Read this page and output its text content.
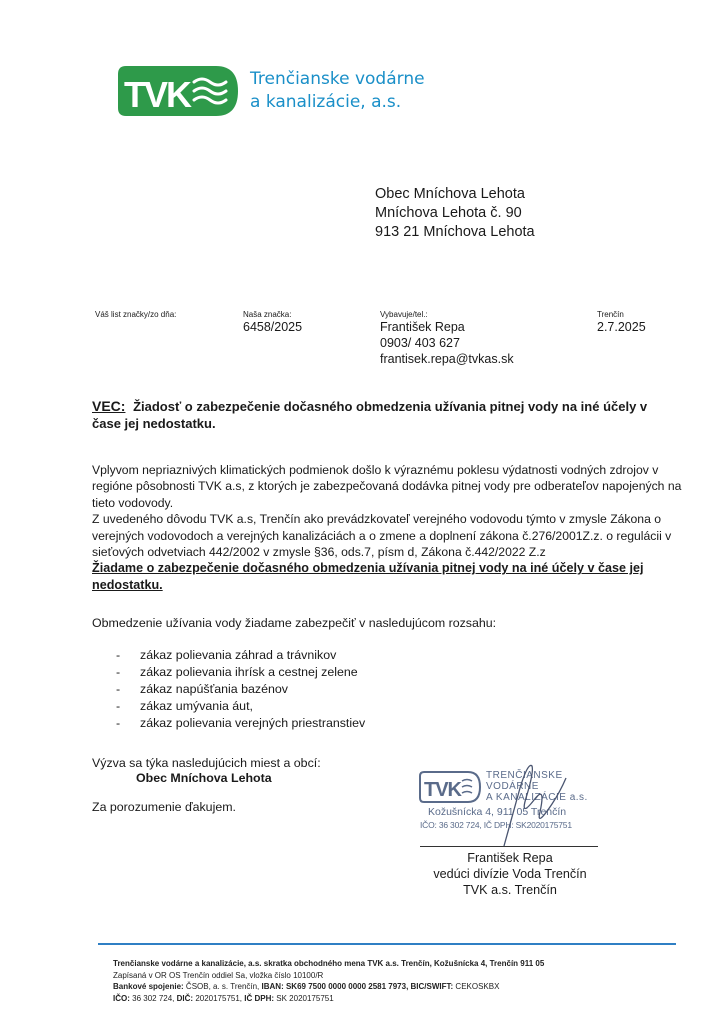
TVK	Trenčianske vodárne
a kanalizácie, a.s.
Obec Mníchova Lehota
Mníchova Lehota č. 90
913 21 Mníchova Lehota
Váš list značky/zo dňa:	Naša značka:
6458/2025
Vybavuje/tel.:
František Repa
0903/ 403 627
frantisek.repa@tvkas.sk
Trenčín
2.7.2025
VEC: Žiadosť o zabezpečenie dočasného obmedzenia užívania pitnej vody na iné účely v čase jej nedostatku.

Vplyvom nepriaznivých klimatických podmienok došlo k výraznému poklesu výdatnosti vodných zdrojov v regióne pôsobnosti TVK a.s, z ktorých je zabezpečovaná dodávka pitnej vody pre odberateľov napojených na tieto vodovody.

Z uvedeného dôvodu TVK a.s, Trenčín ako prevádzkovateľ verejného vodovodu týmto v zmysle Zákona o verejných vodovodoch a verejných kanalizáciách a o zmene a doplnení zákona č.276/2001Z.z. o regulácii v sieťových odvetviach 442/2002 v zmysle §36, ods.7, písm d, Zákona č.442/2022 Z.z

Žiadame o zabezpečenie dočasného obmedzenia užívania pitnej vody na iné účely v čase jej nedostatku.

Obmedzenie užívania vody žiadame zabezpečiť v nasledujúcom rozsahu:
- zákaz polievania záhrad a trávnikov
- zákaz polievania ihrísk a cestnej zelene
- zákaz napúšťania bazénov
- zákaz umývania áut,
- zákaz polievania verejných priestranstiev
Výzva sa týka nasledujúcich miest a obcí:
Obec Mníchova Lehota
Za porozumenie ďakujem.
TVK
TRENČIANSKE
VODÁRNE
A KANALIZÁCIE a.s.
Kožušnícka 4, 911 05 Trenčín
IČO: 36 302 724, IČ DPH: SK2020175751
František Repa
vedúci divízie Voda Trenčín
TVK a.s. Trenčín
Trenčianske vodárne a kanalizácie, a.s. skratka obchodného mena TVK a.s. Trenčín, Kožušnícka 4, Trenčín 911 05
Zapísaná v OR OS Trenčín oddiel Sa, vložka číslo 10100/R
Bankové spojenie: ČSOB, a. s. Trenčín, IBAN: SK69 7500 0000 0000 2581 7973, BIC/SWIFT: CEKOSKBX
IČO: 36 302 724, DIČ: 2020175751, IČ DPH: SK 2020175751
